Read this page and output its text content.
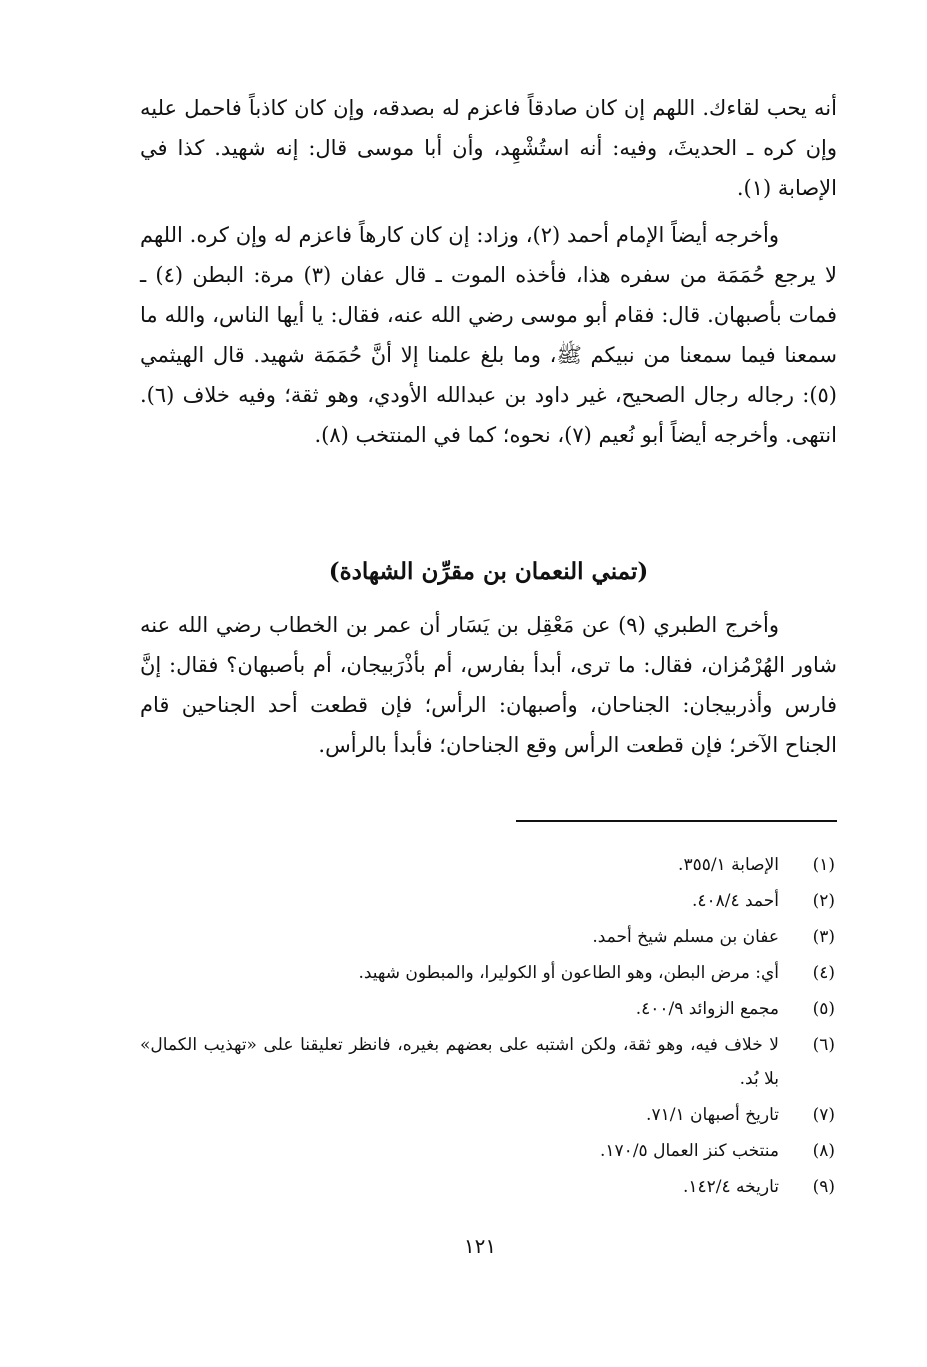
أنه يحب لقاءك. اللهم إن كان صادقاً فاعزم له بصدقه، وإن كان كاذباً فاحمل عليه وإن كره ـ الحديثَ، وفيه: أنه استُشْهِد، وأن أبا موسى قال: إنه شهيد. كذا في الإصابة (١).

وأخرجه أيضاً الإمام أحمد (٢)، وزاد: إن كان كارهاً فاعزم له وإن كره. اللهم لا يرجع حُمَمَة من سفره هذا، فأخذه الموت ـ قال عفان (٣) مرة: البطن (٤) ـ فمات بأصبهان. قال: فقام أبو موسى رضي الله عنه، فقال: يا أيها الناس، والله ما سمعنا فيما سمعنا من نبيكم ﷺ، وما بلغ علمنا إلا أنَّ حُمَمَة شهيد. قال الهيثمي (٥): رجاله رجال الصحيح، غير داود بن عبدالله الأودي، وهو ثقة؛ وفيه خلاف (٦). انتهى. وأخرجه أيضاً أبو نُعيم (٧)، نحوه؛ كما في المنتخب (٨).

(تمني النعمان بن مقرِّن الشهادة)

وأخرج الطبري (٩) عن مَعْقِل بن يَسَار أن عمر بن الخطاب رضي الله عنه شاور الهُرْمُزان، فقال: ما ترى، أبدأ بفارس، أم بأذْرَبيجان، أم بأصبهان؟ فقال: إنَّ فارس وأذربيجان: الجناحان، وأصبهان: الرأس؛ فإن قطعت أحد الجناحين قام الجناح الآخر؛ فإن قطعت الرأس وقع الجناحان؛ فأبدأ بالرأس.

(١)
الإصابة ٣٥٥/١.
(٢)
أحمد ٤٠٨/٤.
(٣)
عفان بن مسلم شيخ أحمد.
(٤)
أي: مرض البطن، وهو الطاعون أو الكوليرا، والمبطون شهيد.
(٥)
مجمع الزوائد ٤٠٠/٩.
(٦)
لا خلاف فيه، وهو ثقة، ولكن اشتبه على بعضهم بغيره، فانظر تعليقنا على «تهذيب الكمال» بلا بُد.
(٧)
تاريخ أصبهان ٧١/١.
(٨)
منتخب كنز العمال ١٧٠/٥.
(٩)
تاريخه ١٤٢/٤.
١٢١
